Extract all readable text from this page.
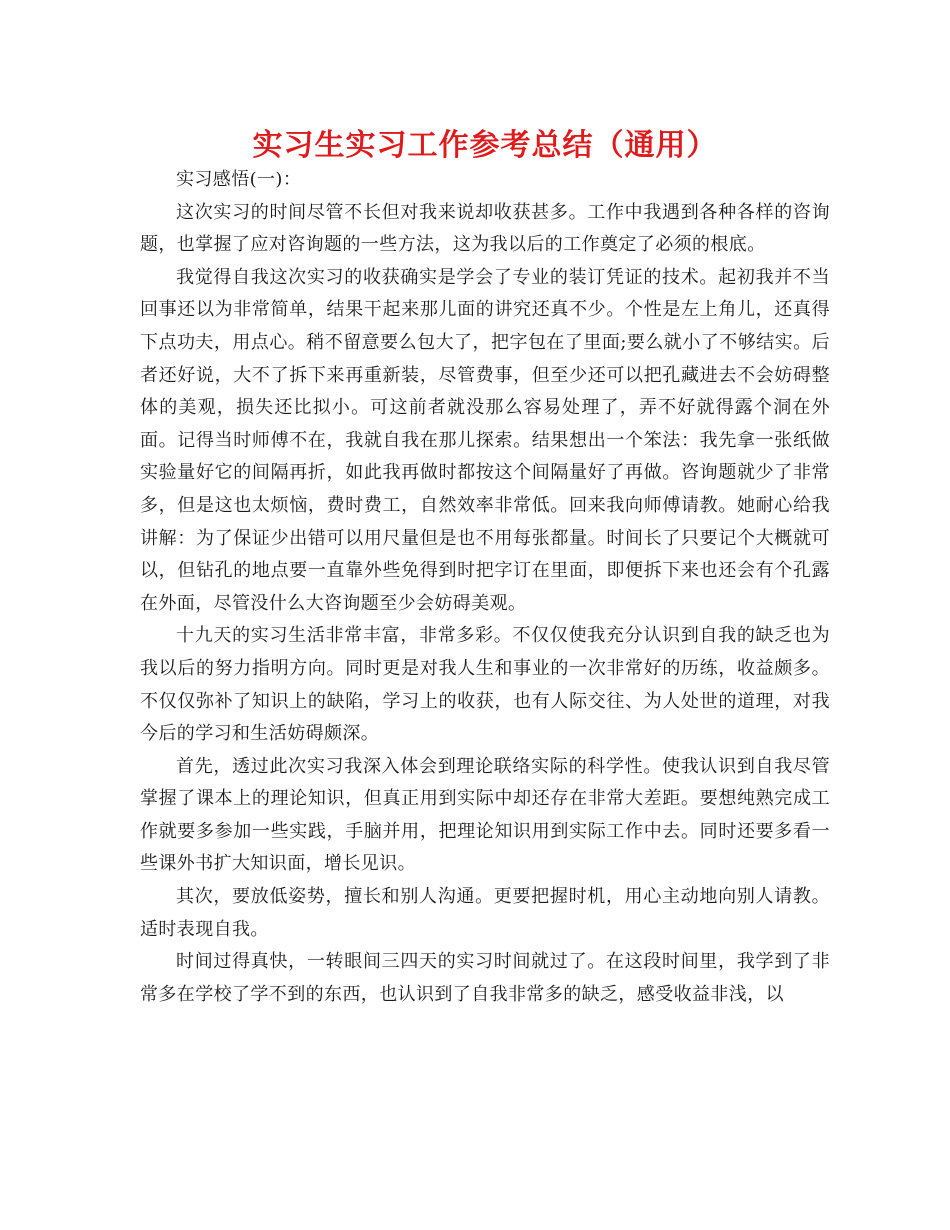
实习生实习工作参考总结（通用）

实习感悟(一)：

这次实习的时间尽管不长但对我来说却收获甚多。工作中我遇到各种各样的咨询题，也掌握了应对咨询题的一些方法，这为我以后的工作奠定了必须的根底。

我觉得自我这次实习的收获确实是学会了专业的装订凭证的技术。起初我并不当回事还以为非常简单，结果干起来那儿面的讲究还真不少。个性是左上角儿，还真得下点功夫，用点心。稍不留意要么包大了，把字包在了里面;要么就小了不够结实。后者还好说，大不了拆下来再重新装，尽管费事，但至少还可以把孔藏进去不会妨碍整体的美观，损失还比拟小。可这前者就没那么容易处理了，弄不好就得露个洞在外面。记得当时师傅不在，我就自我在那儿探索。结果想出一个笨法：我先拿一张纸做实验量好它的间隔再折，如此我再做时都按这个间隔量好了再做。咨询题就少了非常多，但是这也太烦恼，费时费工，自然效率非常低。回来我向师傅请教。她耐心给我讲解：为了保证少出错可以用尺量但是也不用每张都量。时间长了只要记个大概就可以，但钻孔的地点要一直靠外些免得到时把字订在里面，即便拆下来也还会有个孔露在外面，尽管没什么大咨询题至少会妨碍美观。

十九天的实习生活非常丰富，非常多彩。不仅仅使我充分认识到自我的缺乏也为我以后的努力指明方向。同时更是对我人生和事业的一次非常好的历练，收益颇多。不仅仅弥补了知识上的缺陷，学习上的收获，也有人际交往、为人处世的道理，对我今后的学习和生活妨碍颇深。

首先，透过此次实习我深入体会到理论联络实际的科学性。使我认识到自我尽管掌握了课本上的理论知识，但真正用到实际中却还存在非常大差距。要想纯熟完成工作就要多参加一些实践，手脑并用，把理论知识用到实际工作中去。同时还要多看一些课外书扩大知识面，增长见识。

其次，要放低姿势，擅长和别人沟通。更要把握时机，用心主动地向别人请教。适时表现自我。

时间过得真快，一转眼间三四天的实习时间就过了。在这段时间里，我学到了非常多在学校了学不到的东西，也认识到了自我非常多的缺乏，感受收益非浅，以
